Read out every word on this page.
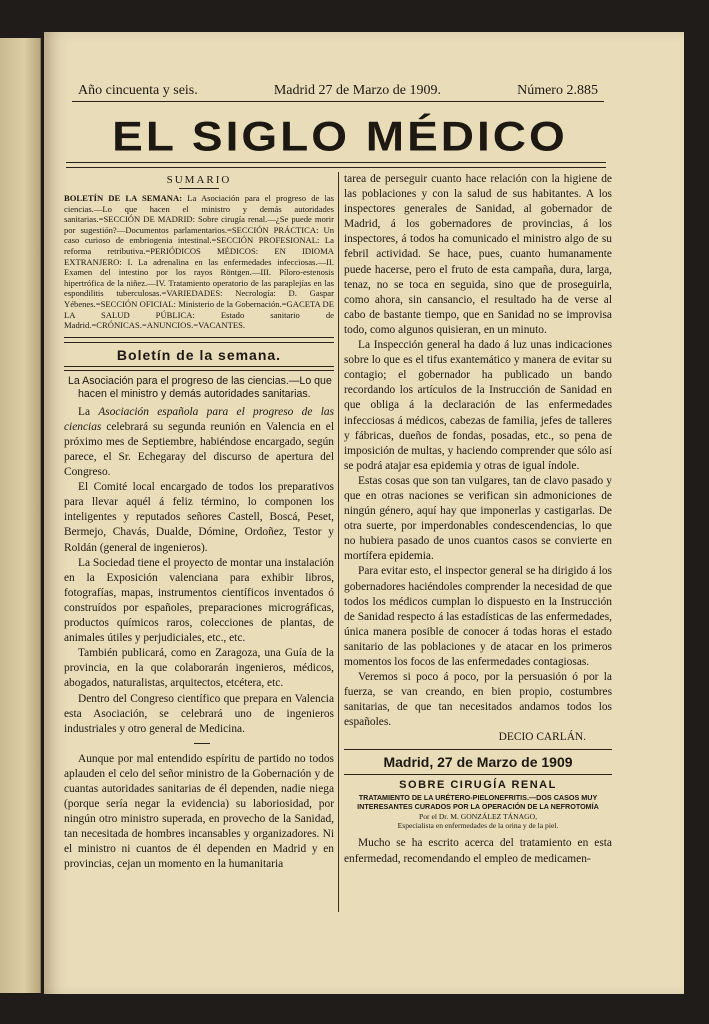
Año cincuenta y seis.	Madrid 27 de Marzo de 1909.	Número 2.885
EL SIGLO MÉDICO
SUMARIO

BOLETÍN DE LA SEMANA: La Asociación para el progreso de las ciencias.—Lo que hacen el ministro y demás autoridades sanitarias.=SECCIÓN DE MADRID: Sobre cirugía renal.—¿Se puede morir por sugestión?—Documentos parlamentarios.=SECCIÓN PRÁCTICA: Un caso curioso de embriogenia intestinal.=SECCIÓN PROFESIONAL: La reforma retributiva.=PERIÓDICOS MÉDICOS: EN IDIOMA EXTRANJERO: I. La adrenalina en las enfermedades infecciosas.—II. Examen del intestino por los rayos Röntgen.—III. Píloro-estenosis hipertrófica de la niñez.—IV. Tratamiento operatorio de las paraplejías en las espondilitis tuberculosas.=VARIEDADES: Necrología: D. Gaspar Yébenes.=SECCIÓN OFICIAL: Ministerio de la Gobernación.=GACETA DE LA SALUD PÚBLICA: Estado sanitario de Madrid.=CRÓNICAS.=ANUNCIOS.=VACANTES.

Boletín de la semana.

La Asociación para el progreso de las ciencias.—Lo que hacen el ministro y demás autoridades sanitarias.

La Asociación española para el progreso de las ciencias celebrará su segunda reunión en Valencia en el próximo mes de Septiembre, habiéndose encargado, según parece, el Sr. Echegaray del discurso de apertura del Congreso.

El Comité local encargado de todos los preparativos para llevar aquél á feliz término, lo componen los inteligentes y reputados señores Castell, Boscá, Peset, Bermejo, Chavás, Dualde, Dómine, Ordoñez, Testor y Roldán (general de ingenieros).

La Sociedad tiene el proyecto de montar una instalación en la Exposición valenciana para exhibir libros, fotografías, mapas, instrumentos científicos inventados ó construídos por españoles, preparaciones micrográficas, productos químicos raros, colecciones de plantas, de animales útiles y perjudiciales, etc., etc.

También publicará, como en Zaragoza, una Guía de la provincia, en la que colaborarán ingenieros, médicos, abogados, naturalistas, arquitectos, etcétera, etc.

Dentro del Congreso científico que prepara en Valencia esta Asociación, se celebrará uno de ingenieros industriales y otro general de Medicina.

Aunque por mal entendido espíritu de partido no todos aplauden el celo del señor ministro de la Gobernación y de cuantas autoridades sanitarias de él dependen, nadie niega (porque sería negar la evidencia) su laboriosidad, por ningún otro ministro superada, en provecho de la Sanidad, tan necesitada de hombres incansables y organizadores. Ni el ministro ni cuantos de él dependen en Madrid y en provincias, cejan un momento en la humanitaria

tarea de perseguir cuanto hace relación con la higiene de las poblaciones y con la salud de sus habitantes. A los inspectores generales de Sanidad, al gobernador de Madrid, á los gobernadores de provincias, á los inspectores, á todos ha comunicado el ministro algo de su febril actividad. Se hace, pues, cuanto humanamente puede hacerse, pero el fruto de esta campaña, dura, larga, tenaz, no se toca en seguida, sino que de proseguirla, como ahora, sin cansancio, el resultado ha de verse al cabo de bastante tiempo, que en Sanidad no se improvisa todo, como algunos quisieran, en un minuto.

La Inspección general ha dado á luz unas indicaciones sobre lo que es el tifus exantemático y manera de evitar su contagio; el gobernador ha publicado un bando recordando los artículos de la Instrucción de Sanidad en que obliga á la declaración de las enfermedades infecciosas á médicos, cabezas de familia, jefes de talleres y fábricas, dueños de fondas, posadas, etc., so pena de imposición de multas, y haciendo comprender que sólo así se podrá atajar esa epidemia y otras de igual índole.

Estas cosas que son tan vulgares, tan de clavo pasado y que en otras naciones se verifican sin admoniciones de ningún género, aquí hay que imponerlas y castigarlas. De otra suerte, por imperdonables condescendencias, lo que no hubiera pasado de unos cuantos casos se convierte en mortífera epidemia.

Para evitar esto, el inspector general se ha dirigido á los gobernadores haciéndoles comprender la necesidad de que todos los médicos cumplan lo dispuesto en la Instrucción de Sanidad respecto á las estadísticas de las enfermedades, única manera posible de conocer á todas horas el estado sanitario de las poblaciones y de atacar en los primeros momentos los focos de las enfermedades contagiosas.

Veremos si poco á poco, por la persuasión ó por la fuerza, se van creando, en bien propio, costumbres sanitarias, de que tan necesitados andamos todos los españoles.

DECIO CARLÁN.

Madrid, 27 de Marzo de 1909
SOBRE CIRUGÍA RENAL

TRATAMIENTO DE LA URÉTERO-PIELONEFRITIS.—DOS CASOS MUY INTERESANTES CURADOS POR LA OPERACIÓN DE LA NEFROTOMÍA

Por el Dr. M. GONZÁLEZ TÁNAGO,

Especialista en enfermedades de la orina y de la piel.

Mucho se ha escrito acerca del tratamiento en esta enfermedad, recomendando el empleo de medicamen-
